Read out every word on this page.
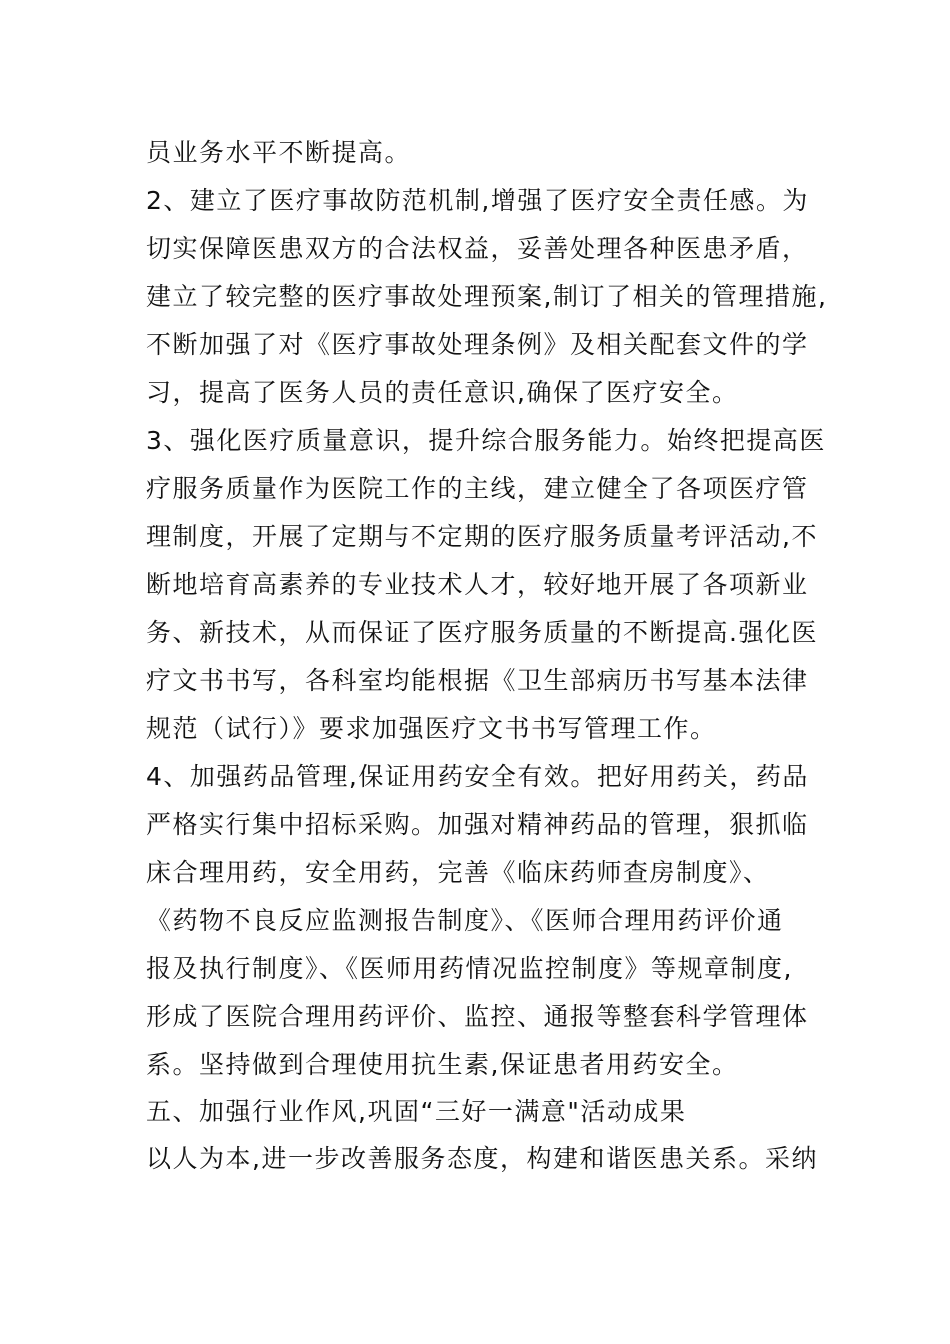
员业务水平不断提高。
2、建立了医疗事故防范机制,增强了医疗安全责任感。为
切实保障医患双方的合法权益，妥善处理各种医患矛盾，
建立了较完整的医疗事故处理预案,制订了相关的管理措施,
不断加强了对《医疗事故处理条例》及相关配套文件的学
习，提高了医务人员的责任意识,确保了医疗安全。
3、强化医疗质量意识，提升综合服务能力。始终把提高医
疗服务质量作为医院工作的主线，建立健全了各项医疗管
理制度，开展了定期与不定期的医疗服务质量考评活动,不
断地培育高素养的专业技术人才，较好地开展了各项新业
务、新技术，从而保证了医疗服务质量的不断提高.强化医
疗文书书写，各科室均能根据《卫生部病历书写基本法律
规范（试行）》要求加强医疗文书书写管理工作。
4、加强药品管理,保证用药安全有效。把好用药关，药品
严格实行集中招标采购。加强对精神药品的管理，狠抓临
床合理用药，安全用药，完善《临床药师查房制度》、
《药物不良反应监测报告制度》、《医师合理用药评价通
报及执行制度》、《医师用药情况监控制度》等规章制度,
形成了医院合理用药评价、监控、通报等整套科学管理体
系。坚持做到合理使用抗生素,保证患者用药安全。
五、加强行业作风,巩固“三好一满意"活动成果
以人为本,进一步改善服务态度，构建和谐医患关系。采纳
